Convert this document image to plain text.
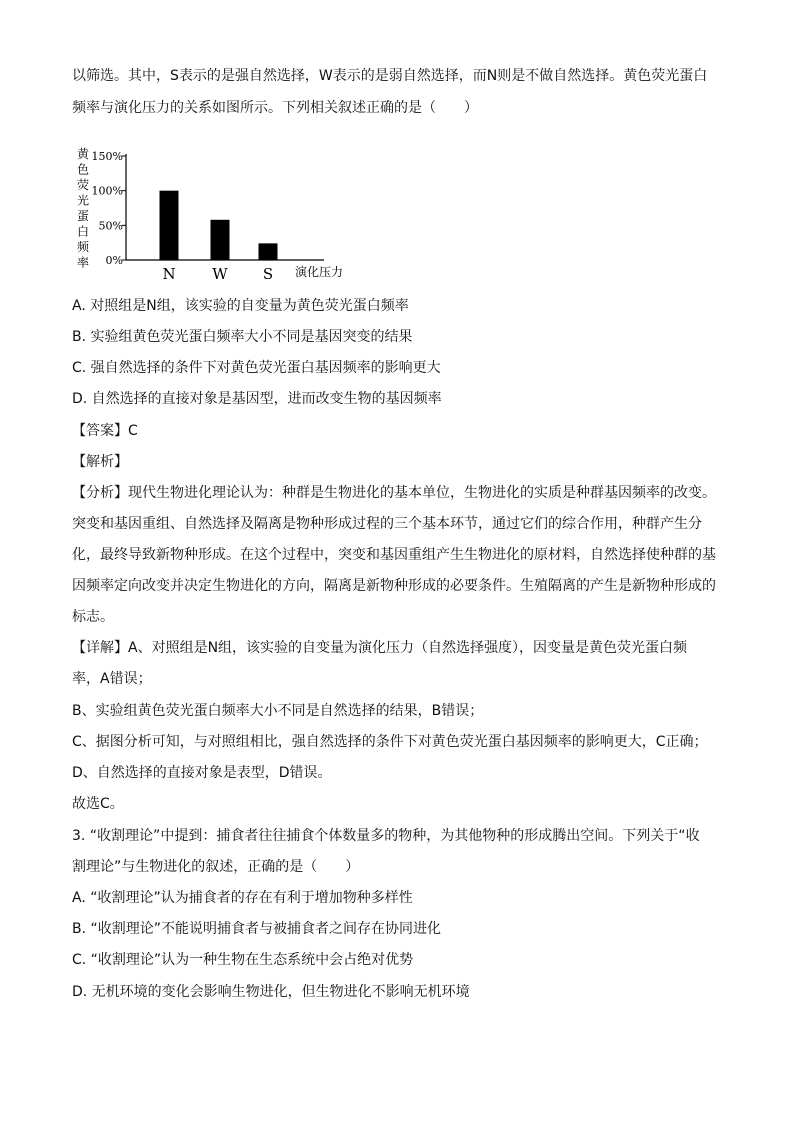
以筛选。其中，S表示的是强自然选择，W表示的是弱自然选择，而N则是不做自然选择。黄色荧光蛋白
频率与演化压力的关系如图所示。下列相关叙述正确的是（　　）
黄
色
荧
光
蛋
白
频
率
150%
100%
50%
0%
N W S 演化压力
A. 对照组是N组，该实验的自变量为黄色荧光蛋白频率
B. 实验组黄色荧光蛋白频率大小不同是基因突变的结果
C. 强自然选择的条件下对黄色荧光蛋白基因频率的影响更大
D. 自然选择的直接对象是基因型，进而改变生物的基因频率
【答案】C
【解析】
【分析】现代生物进化理论认为：种群是生物进化的基本单位，生物进化的实质是种群基因频率的改变。
突变和基因重组、自然选择及隔离是物种形成过程的三个基本环节，通过它们的综合作用，种群产生分
化，最终导致新物种形成。在这个过程中，突变和基因重组产生生物进化的原材料，自然选择使种群的基
因频率定向改变并决定生物进化的方向，隔离是新物种形成的必要条件。生殖隔离的产生是新物种形成的
标志。
【详解】A、对照组是N组，该实验的自变量为演化压力（自然选择强度），因变量是黄色荧光蛋白频
率，A错误；
B、实验组黄色荧光蛋白频率大小不同是自然选择的结果，B错误；
C、据图分析可知，与对照组相比，强自然选择的条件下对黄色荧光蛋白基因频率的影响更大，C正确；
D、自然选择的直接对象是表型，D错误。
故选C。
3. “收割理论”中提到：捕食者往往捕食个体数量多的物种，为其他物种的形成腾出空间。下列关于“收
割理论”与生物进化的叙述，正确的是（　　）
A. “收割理论”认为捕食者的存在有利于增加物种多样性
B. “收割理论”不能说明捕食者与被捕食者之间存在协同进化
C. “收割理论”认为一种生物在生态系统中会占绝对优势
D. 无机环境的变化会影响生物进化，但生物进化不影响无机环境
